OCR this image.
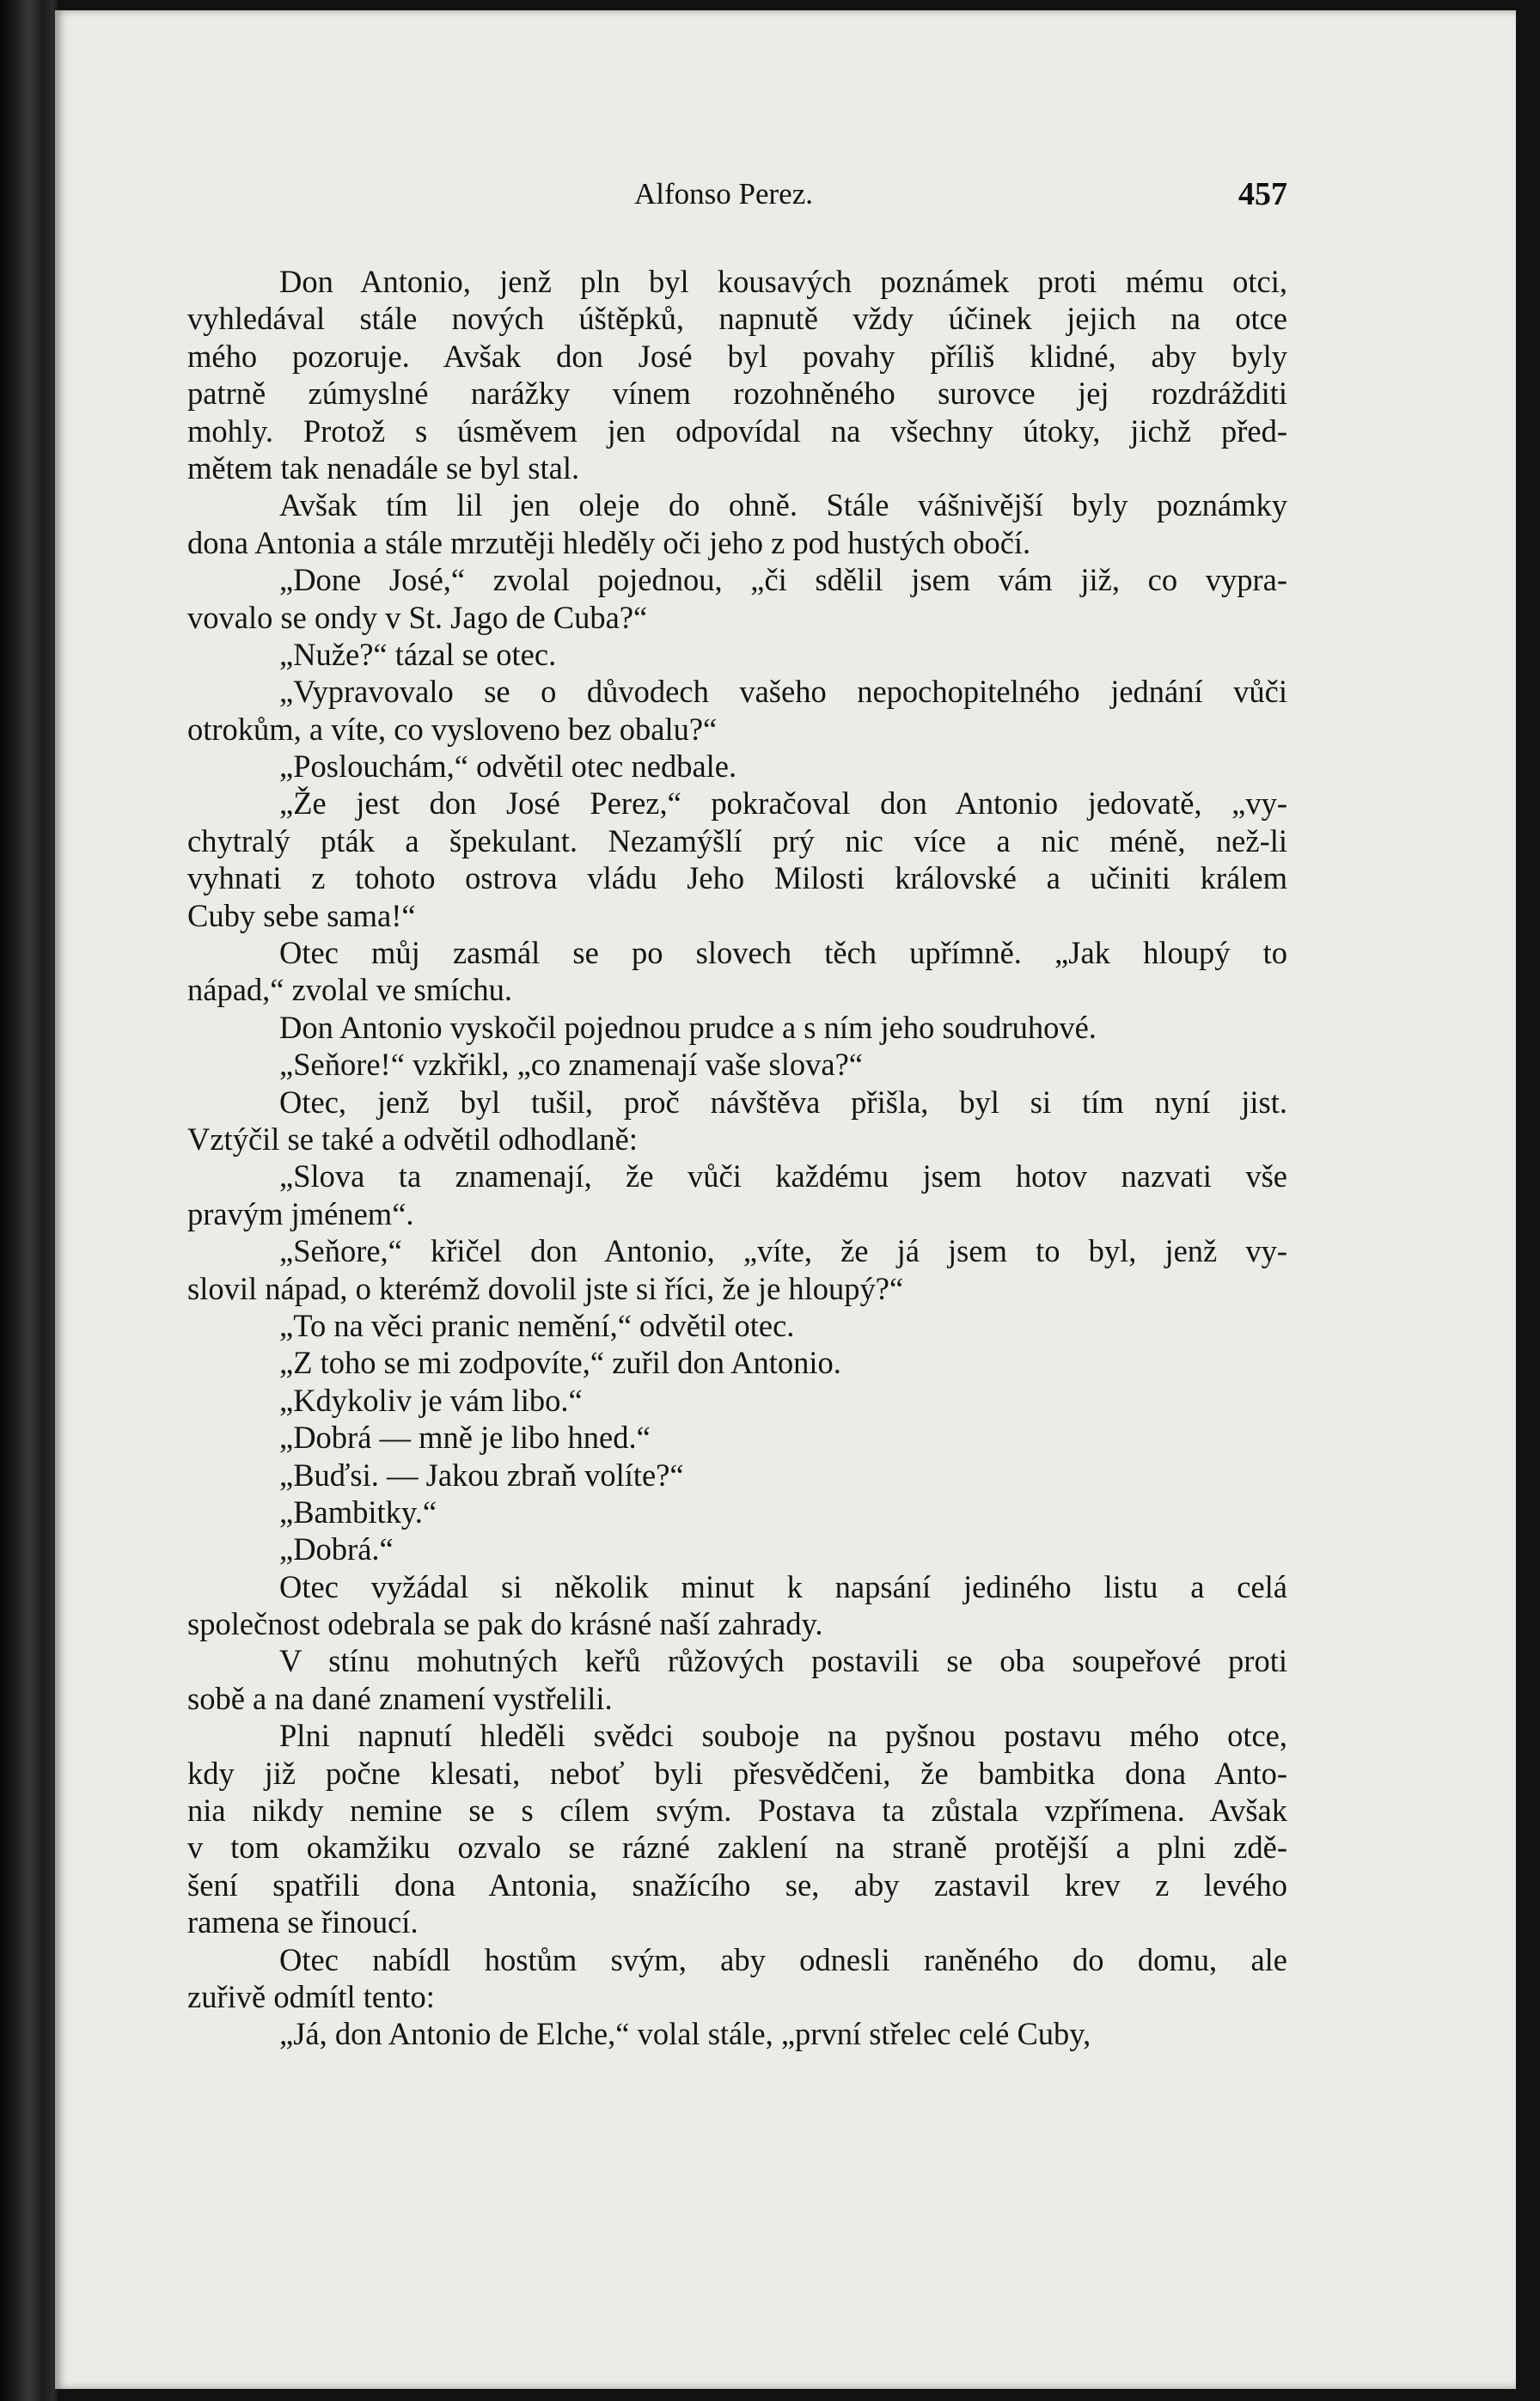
Alfonso Perez.	457

Don Antonio, jenž pln byl kousavých poznámek proti mému otci,
vyhledával stále nových úštěpků, napnutě vždy účinek jejich na otce
mého pozoruje. Avšak don José byl povahy příliš klidné, aby byly
patrně zúmyslné narážky vínem rozohněného surovce jej rozdrážditi
mohly. Protož s úsměvem jen odpovídal na všechny útoky, jichž před-
mětem tak nenadále se byl stal.

Avšak tím lil jen oleje do ohně. Stále vášnivější byly poznámky
dona Antonia a stále mrzutěji hleděly oči jeho z pod hustých obočí.

„Done José,“ zvolal pojednou, „či sdělil jsem vám již, co vypra-
vovalo se ondy v St. Jago de Cuba?“

„Nuže?“ tázal se otec.

„Vypravovalo se o důvodech vašeho nepochopitelného jednání vůči
otrokům, a víte, co vysloveno bez obalu?“

„Poslouchám,“ odvětil otec nedbale.

„Že jest don José Perez,“ pokračoval don Antonio jedovatě, „vy-
chytralý pták a špekulant. Nezamýšlí prý nic více a nic méně, než-li
vyhnati z tohoto ostrova vládu Jeho Milosti královské a učiniti králem
Cuby sebe sama!“

Otec můj zasmál se po slovech těch upřímně. „Jak hloupý to
nápad,“ zvolal ve smíchu.

Don Antonio vyskočil pojednou prudce a s ním jeho soudruhové.

„Seňore!“ vzkřikl, „co znamenají vaše slova?“

Otec, jenž byl tušil, proč návštěva přišla, byl si tím nyní jist.
Vztýčil se také a odvětil odhodlaně:

„Slova ta znamenají, že vůči každému jsem hotov nazvati vše
pravým jménem“.

„Seňore,“ křičel don Antonio, „víte, že já jsem to byl, jenž vy-
slovil nápad, o kterémž dovolil jste si říci, že je hloupý?“

„To na věci pranic nemění,“ odvětil otec.

„Z toho se mi zodpovíte,“ zuřil don Antonio.

„Kdykoliv je vám libo.“

„Dobrá — mně je libo hned.“

„Buďsi. — Jakou zbraň volíte?“

„Bambitky.“

„Dobrá.“

Otec vyžádal si několik minut k napsání jediného listu a celá
společnost odebrala se pak do krásné naší zahrady.

V stínu mohutných keřů růžových postavili se oba soupeřové proti
sobě a na dané znamení vystřelili.

Plni napnutí hleděli svědci souboje na pyšnou postavu mého otce,
kdy již počne klesati, neboť byli přesvědčeni, že bambitka dona Anto-
nia nikdy nemine se s cílem svým. Postava ta zůstala vzpřímena. Avšak
v tom okamžiku ozvalo se rázné zaklení na straně protější a plni zdě-
šení spatřili dona Antonia, snažícího se, aby zastavil krev z levého
ramena se řinoucí.

Otec nabídl hostům svým, aby odnesli raněného do domu, ale
zuřivě odmítl tento:

„Já, don Antonio de Elche,“ volal stále, „první střelec celé Cuby,
